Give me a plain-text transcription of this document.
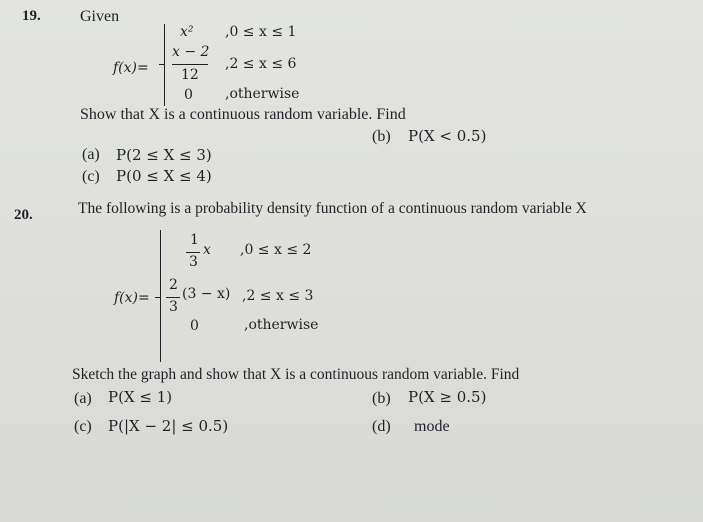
19. Given
f(x)=
x² ,0 ≤ x ≤ 1
x − 2
12
,2 ≤ x ≤ 6
0 ,otherwise
Show that X is a continuous random variable. Find
(a) P(2 ≤ X ≤ 3)
(b) P(X < 0.5)
(c) P(0 ≤ X ≤ 4)
20.	The following is a probability density function of a continuous random variable X
f(x)=
1
3
x ,0 ≤ x ≤ 2
2
3
(3 − x) ,2 ≤ x ≤ 3
0	,otherwise
Sketch the graph and show that X is a continuous random variable. Find
(a) P(X ≤ 1)	(b) P(X ≥ 0.5)
(c) P(|X − 2| ≤ 0.5)	(d) mode
